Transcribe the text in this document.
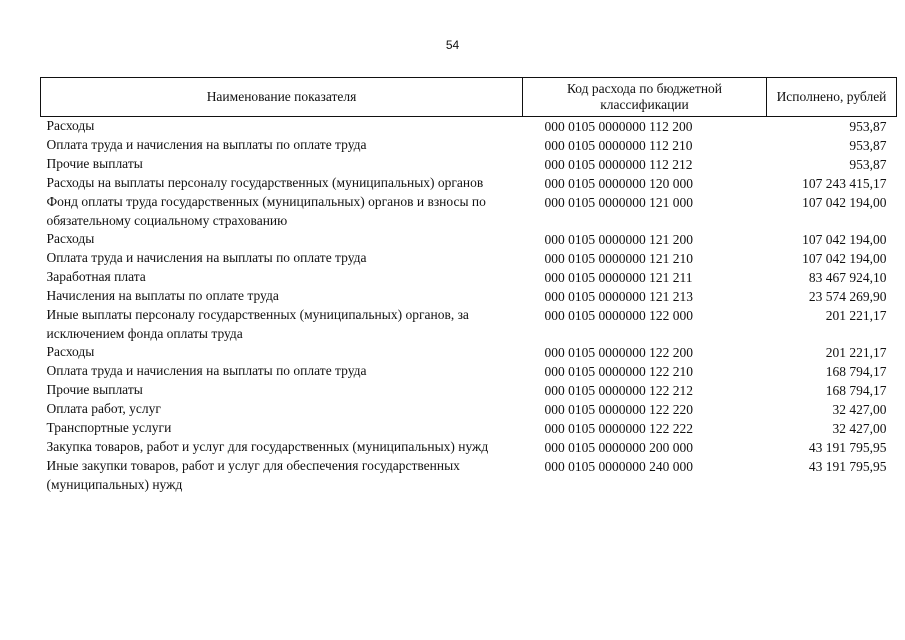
54
Наименование показателя	Код расхода по бюджетной классификации	Исполнено, рублей
Расходы	000 0105 0000000 112 200	953,87
Оплата труда и начисления на выплаты по оплате труда	000 0105 0000000 112 210	953,87
Прочие выплаты	000 0105 0000000 112 212	953,87
Расходы на выплаты персоналу государственных (муниципальных) органов	000 0105 0000000 120 000	107 243 415,17
Фонд оплаты труда государственных (муниципальных) органов и взносы по обязательному социальному страхованию	000 0105 0000000 121 000	107 042 194,00
Расходы	000 0105 0000000 121 200	107 042 194,00
Оплата труда и начисления на выплаты по оплате труда	000 0105 0000000 121 210	107 042 194,00
Заработная плата	000 0105 0000000 121 211	83 467 924,10
Начисления на выплаты по оплате труда	000 0105 0000000 121 213	23 574 269,90
Иные выплаты персоналу государственных (муниципальных) органов, за исключением фонда оплаты труда	000 0105 0000000 122 000	201 221,17
Расходы	000 0105 0000000 122 200	201 221,17
Оплата труда и начисления на выплаты по оплате труда	000 0105 0000000 122 210	168 794,17
Прочие выплаты	000 0105 0000000 122 212	168 794,17
Оплата работ, услуг	000 0105 0000000 122 220	32 427,00
Транспортные услуги	000 0105 0000000 122 222	32 427,00
Закупка товаров, работ и услуг для государственных (муниципальных) нужд	000 0105 0000000 200 000	43 191 795,95
Иные закупки товаров, работ и услуг для обеспечения государственных (муниципальных) нужд	000 0105 0000000 240 000	43 191 795,95
